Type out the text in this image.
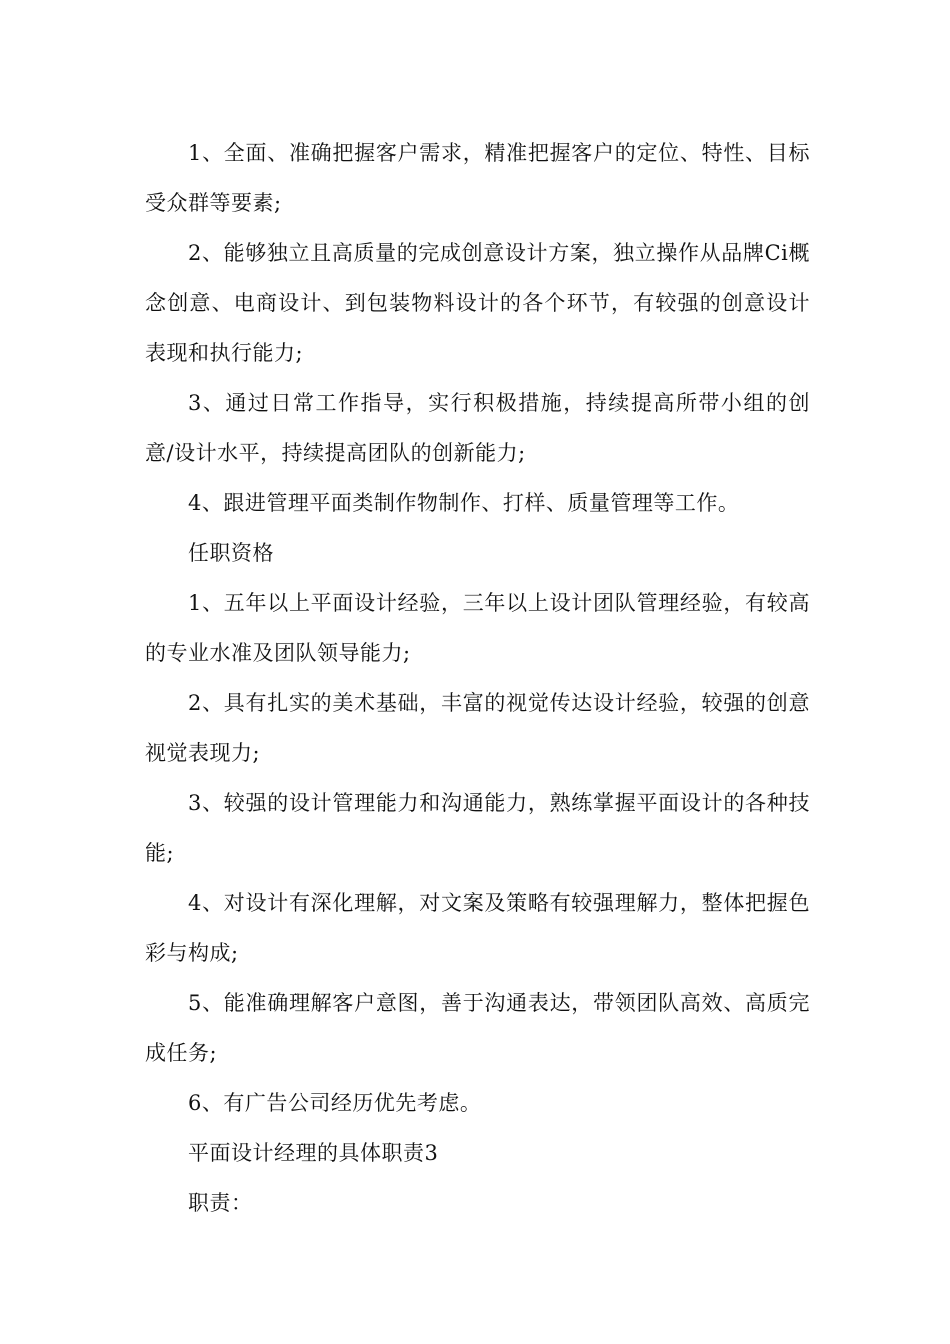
1、全面、准确把握客户需求，精准把握客户的定位、特性、目标受众群等要素;

2、能够独立且高质量的完成创意设计方案，独立操作从品牌Ci概念创意、电商设计、到包装物料设计的各个环节，有较强的创意设计表现和执行能力;

3、通过日常工作指导，实行积极措施，持续提高所带小组的创意/设计水平，持续提高团队的创新能力;

4、跟进管理平面类制作物制作、打样、质量管理等工作。

任职资格

1、五年以上平面设计经验，三年以上设计团队管理经验，有较高的专业水准及团队领导能力;

2、具有扎实的美术基础，丰富的视觉传达设计经验，较强的创意视觉表现力;

3、较强的设计管理能力和沟通能力，熟练掌握平面设计的各种技能;

4、对设计有深化理解，对文案及策略有较强理解力，整体把握色彩与构成;

5、能准确理解客户意图，善于沟通表达，带领团队高效、高质完成任务;

6、有广告公司经历优先考虑。

平面设计经理的具体职责3

职责：
